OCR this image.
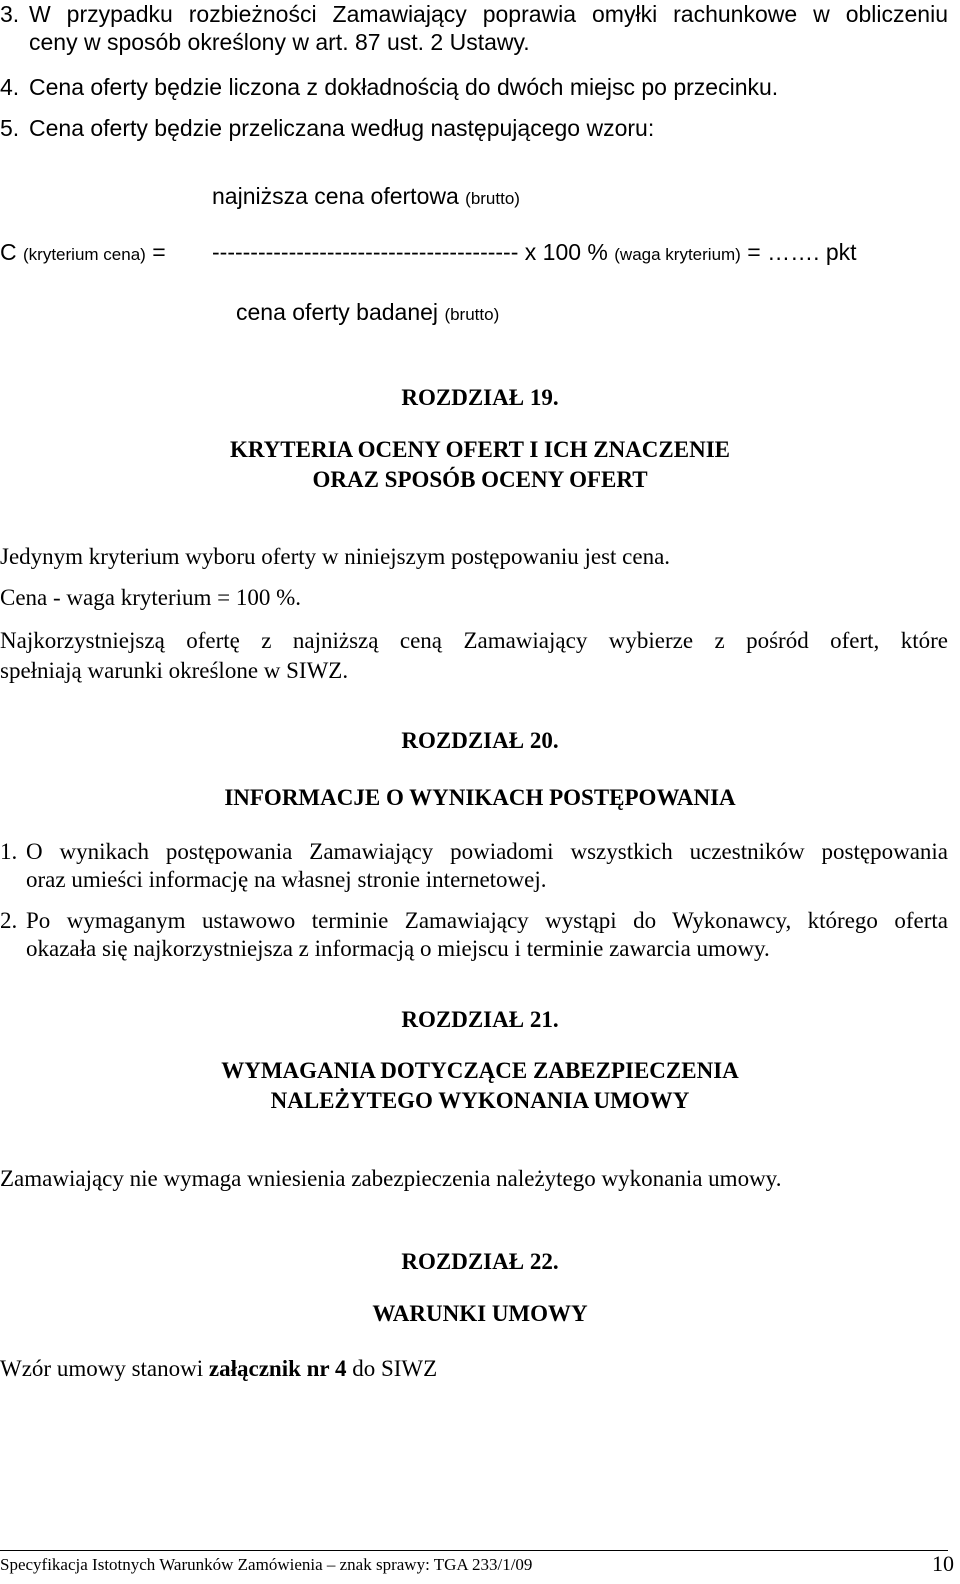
3. W przypadku rozbieżności Zamawiający poprawia omyłki rachunkowe w obliczeniu
ceny w sposób określony w art. 87 ust. 2 Ustawy.
4. Cena oferty będzie liczona z dokładnością do dwóch miejsc po przecinku.
5. Cena oferty będzie przeliczana według następującego wzoru:
najniższa cena ofertowa (brutto)
C (kryterium cena) = ---------------------------------------- x 100 % (waga kryterium) = ……. pkt
cena oferty badanej (brutto)
ROZDZIAŁ 19.
KRYTERIA OCENY OFERT I ICH ZNACZENIE
ORAZ SPOSÓB OCENY OFERT
Jedynym kryterium wyboru oferty w niniejszym postępowaniu jest cena.
Cena - waga kryterium = 100 %.
Najkorzystniejszą ofertę z najniższą ceną Zamawiający wybierze z pośród ofert, które
spełniają warunki określone w SIWZ.
ROZDZIAŁ 20.
INFORMACJE O WYNIKACH POSTĘPOWANIA
1. O wynikach postępowania Zamawiający powiadomi wszystkich uczestników postępowania
oraz umieści informację na własnej stronie internetowej.
2. Po wymaganym ustawowo terminie Zamawiający wystąpi do Wykonawcy, którego oferta
okazała się najkorzystniejsza z informacją o miejscu i terminie zawarcia umowy.
ROZDZIAŁ 21.
WYMAGANIA DOTYCZĄCE ZABEZPIECZENIA
NALEŻYTEGO WYKONANIA UMOWY
Zamawiający nie wymaga wniesienia zabezpieczenia należytego wykonania umowy.
ROZDZIAŁ 22.
WARUNKI UMOWY
Wzór umowy stanowi załącznik nr 4 do SIWZ
Specyfikacja Istotnych Warunków Zamówienia – znak sprawy: TGA 233/1/09	10
